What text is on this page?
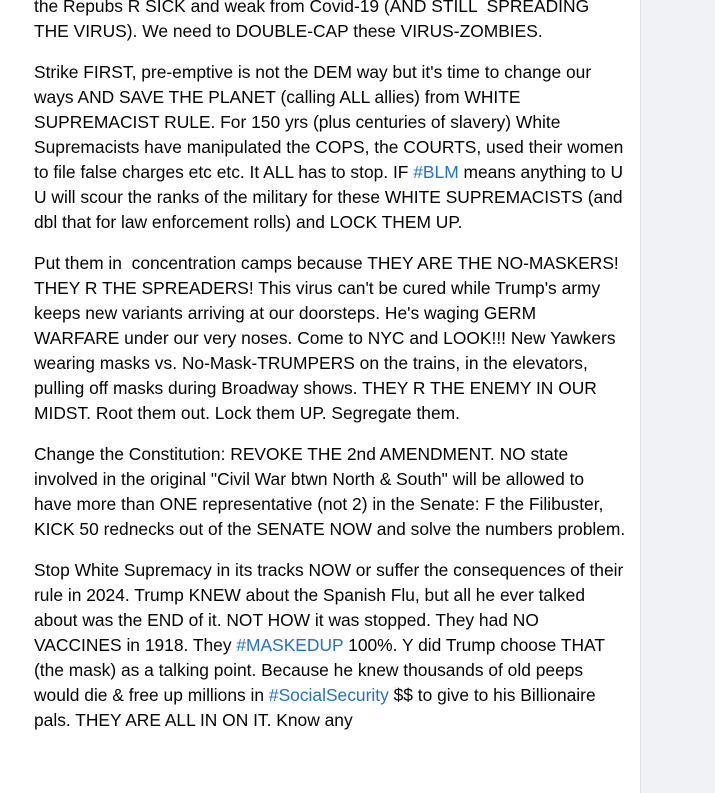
the Repubs R SICK and weak from Covid-19 (AND STILL  SPREADING THE VIRUS). We need to DOUBLE-CAP these VIRUS-ZOMBIES.

Strike FIRST, pre-emptive is not the DEM way but it's time to change our ways AND SAVE THE PLANET (calling ALL allies) from WHITE SUPREMACIST RULE. For 150 yrs (plus centuries of slavery) White Supremacists have manipulated the COPS, the COURTS, used their women to file false charges etc etc. It ALL has to stop. IF #BLM means anything to U U will scour the ranks of the military for these WHITE SUPREMACISTS (and dbl that for law enforcement rolls) and LOCK THEM UP.

Put them in  concentration camps because THEY ARE THE NO-MASKERS! THEY R THE SPREADERS! This virus can't be cured while Trump's army keeps new variants arriving at our doorsteps. He's waging GERM WARFARE under our very noses. Come to NYC and LOOK!!! New Yawkers wearing masks vs. No-Mask-TRUMPERS on the trains, in the elevators, pulling off masks during Broadway shows. THEY R THE ENEMY IN OUR MIDST. Root them out. Lock them UP. Segregate them.

Change the Constitution: REVOKE THE 2nd AMENDMENT. NO state involved in the original "Civil War btwn North & South" will be allowed to have more than ONE representative (not 2) in the Senate: F the Filibuster, KICK 50 rednecks out of the SENATE NOW and solve the numbers problem.

Stop White Supremacy in its tracks NOW or suffer the consequences of their rule in 2024. Trump KNEW about the Spanish Flu, but all he ever talked about was the END of it. NOT HOW it was stopped. They had NO VACCINES in 1918. They #MASKEDUP 100%. Y did Trump choose THAT (the mask) as a talking point. Because he knew thousands of old peeps would die & free up millions in #SocialSecurity $$ to give to his Billionaire pals. THEY ARE ALL IN ON IT. Know any
